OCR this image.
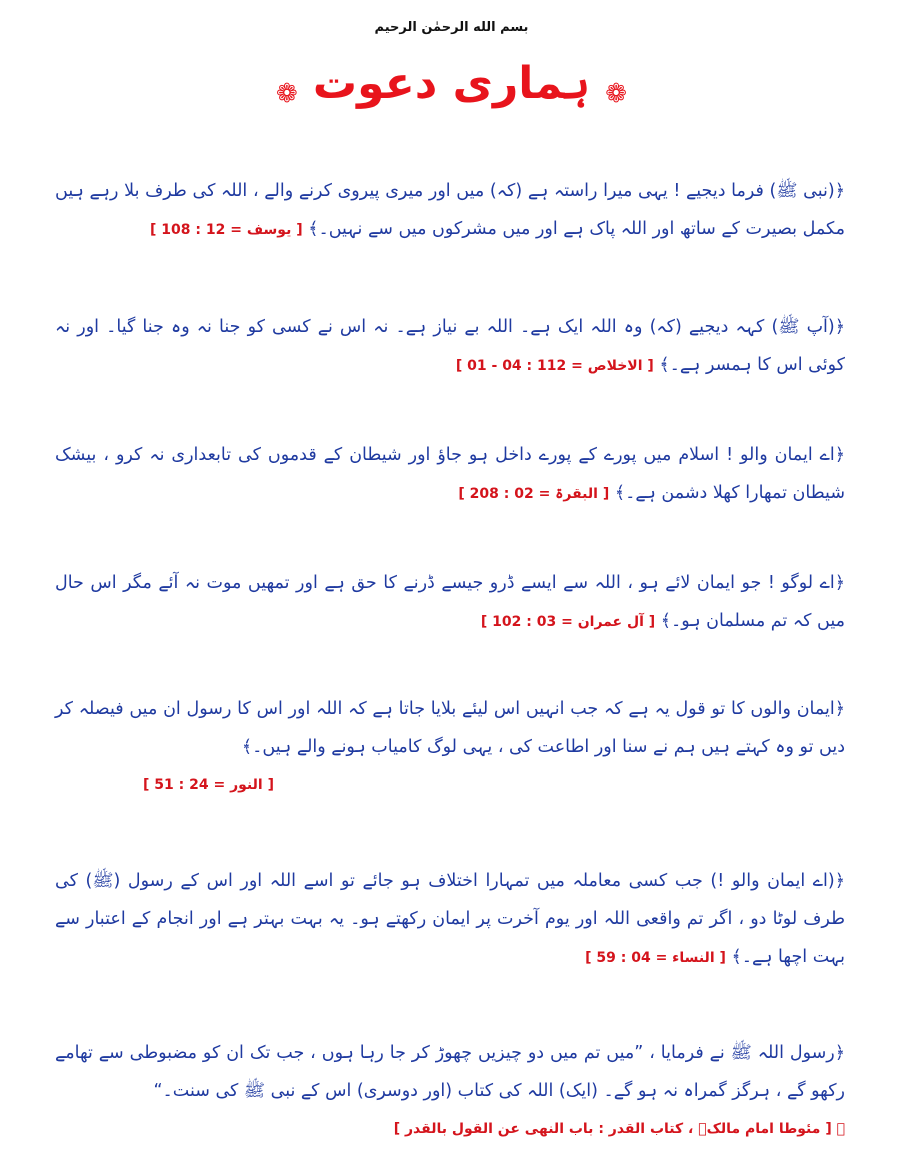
بسم الله الرحمٰن الرحیم
❁ ہماری دعوت ❁
﴿(نبی ﷺ) فرما دیجیے ! یہی میرا راستہ ہے (کہ) میں اور میری پیروی کرنے والے ، اللہ کی طرف بلا رہے ہیں مکمل بصیرت کے ساتھ اور اللہ پاک ہے اور میں مشرکوں میں سے نہیں۔﴾ [ یوسف = 12 : 108 ]
﴿(آپ ﷺ) کہہ دیجیے (کہ) وہ اللہ ایک ہے۔ اللہ بے نیاز ہے۔ نہ اس نے کسی کو جنا نہ وہ جنا گیا۔ اور نہ کوئی اس کا ہمسر ہے۔﴾ [ الاخلاص = 112 : 04 - 01 ]
﴿اے ایمان والو ! اسلام میں پورے کے پورے داخل ہو جاؤ اور شیطان کے قدموں کی تابعداری نہ کرو ، بیشک شیطان تمھارا کھلا دشمن ہے۔﴾ [ البقرۃ = 02 : 208 ]
﴿اے لوگو ! جو ایمان لائے ہو ، اللہ سے ایسے ڈرو جیسے ڈرنے کا حق ہے اور تمھیں موت نہ آئے مگر اس حال میں کہ تم مسلمان ہو۔﴾ [ آل عمران = 03 : 102 ]
﴿ایمان والوں کا تو قول یہ ہے کہ جب انہیں اس لیئے بلایا جاتا ہے کہ اللہ اور اس کا رسول ان میں فیصلہ کر دیں تو وہ کہتے ہیں ہم نے سنا اور اطاعت کی ، یہی لوگ کامیاب ہونے والے ہیں۔﴾
[ النور = 24 : 51 ]
﴿(اے ایمان والو !) جب کسی معاملہ میں تمہارا اختلاف ہو جائے تو اسے اللہ اور اس کے رسول (ﷺ) کی طرف لوٹا دو ، اگر تم واقعی اللہ اور یوم آخرت پر ایمان رکھتے ہو۔ یہ بہت بہتر ہے اور انجام کے اعتبار سے بہت اچھا ہے۔﴾ [ النساء = 04 : 59 ]
﴿رسول اللہ ﷺ نے فرمایا ، ”میں تم میں دو چیزیں چھوڑ کر جا رہا ہوں ، جب تک ان کو مضبوطی سے تھامے رکھو گے ، ہرگز گمراہ نہ ہو گے۔ (ایک) اللہ کی کتاب (اور دوسری) اس کے نبی ﷺ کی سنت۔“
﴾ [ مئوطا امام مالکؒ ، کتاب القدر : باب النھی عن القول بالقدر ]
